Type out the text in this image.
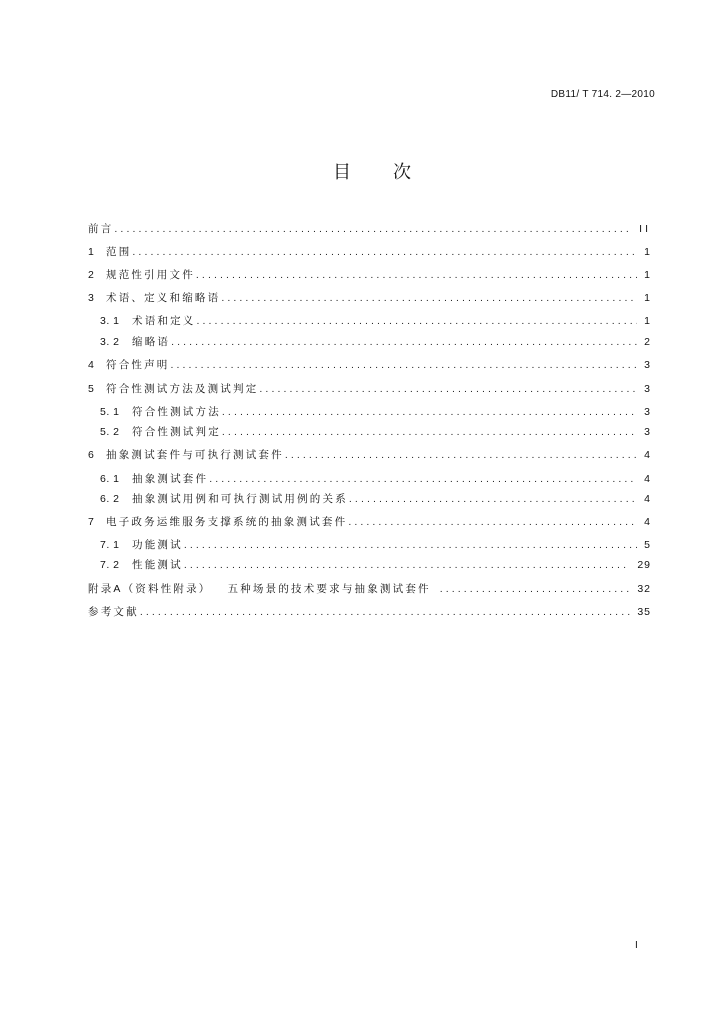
DB11/ T 714. 2—2010
目　次
前言 .....	II
1	范围 .....	1
2	规范性引用文件 .....	1
3	术语、定义和缩略语 .....	1
3. 1	术语和定义 .....	1
3. 2	缩略语 .....	2
4	符合性声明 .....	3
5	符合性测试方法及测试判定 .....	3
5. 1	符合性测试方法 .....	3
5. 2	符合性测试判定 .....	3
6	抽象测试套件与可执行测试套件 .....	4
6. 1	抽象测试套件 .....	4
6. 2	抽象测试用例和可执行测试用例的关系 .....	4
7	电子政务运维服务支撑系统的抽象测试套件 .....	4
7. 1	功能测试 .....	5
7. 2	性能测试 .....	29
附录A（资料性附录） 五种场景的技术要求与抽象测试套件 .....	32
参考文献 .....	35
I
